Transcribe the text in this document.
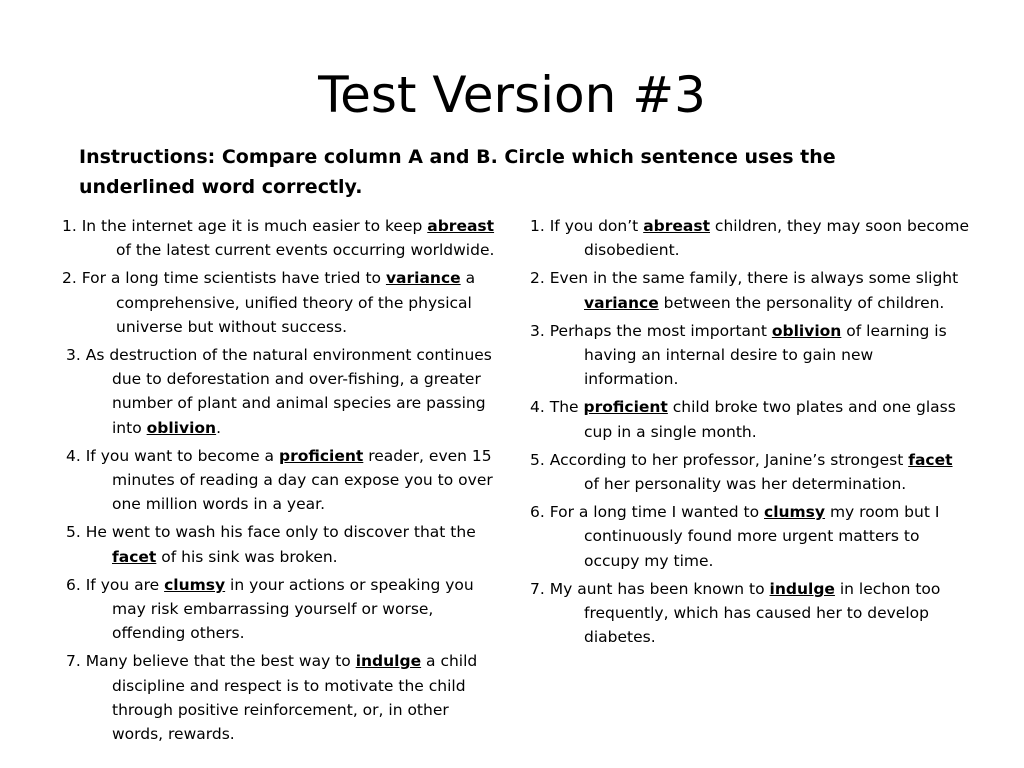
Test Version #3

Instructions: Compare column A and B. Circle which sentence uses the underlined word correctly.

1. In the internet age it is much easier to keep abreast of the latest current events occurring worldwide.
2. For a long time scientists have tried to variance a comprehensive, unified theory of the physical universe but without success.
3. As destruction of the natural environment continues due to deforestation and over-fishing, a greater number of plant and animal species are passing into oblivion.
4. If you want to become a proficient reader, even 15 minutes of reading a day can expose you to over one million words in a year.
5. He went to wash his face only to discover that the facet of his sink was broken.
6. If you are clumsy in your actions or speaking you may risk embarrassing yourself or worse, offending others.
7. Many believe that the best way to indulge a child discipline and respect is to motivate the child through positive reinforcement, or, in other words, rewards.
1. If you don’t abreast children, they may soon become disobedient.
2. Even in the same family, there is always some slight variance between the personality of children.
3. Perhaps the most important oblivion of learning is having an internal desire to gain new information.
4. The proficient child broke two plates and one glass cup in a single month.
5. According to her professor, Janine’s strongest facet of her personality was her determination.
6. For a long time I wanted to clumsy my room but I continuously found more urgent matters to occupy my time.
7. My aunt has been known to indulge in lechon too frequently, which has caused her to develop diabetes.
